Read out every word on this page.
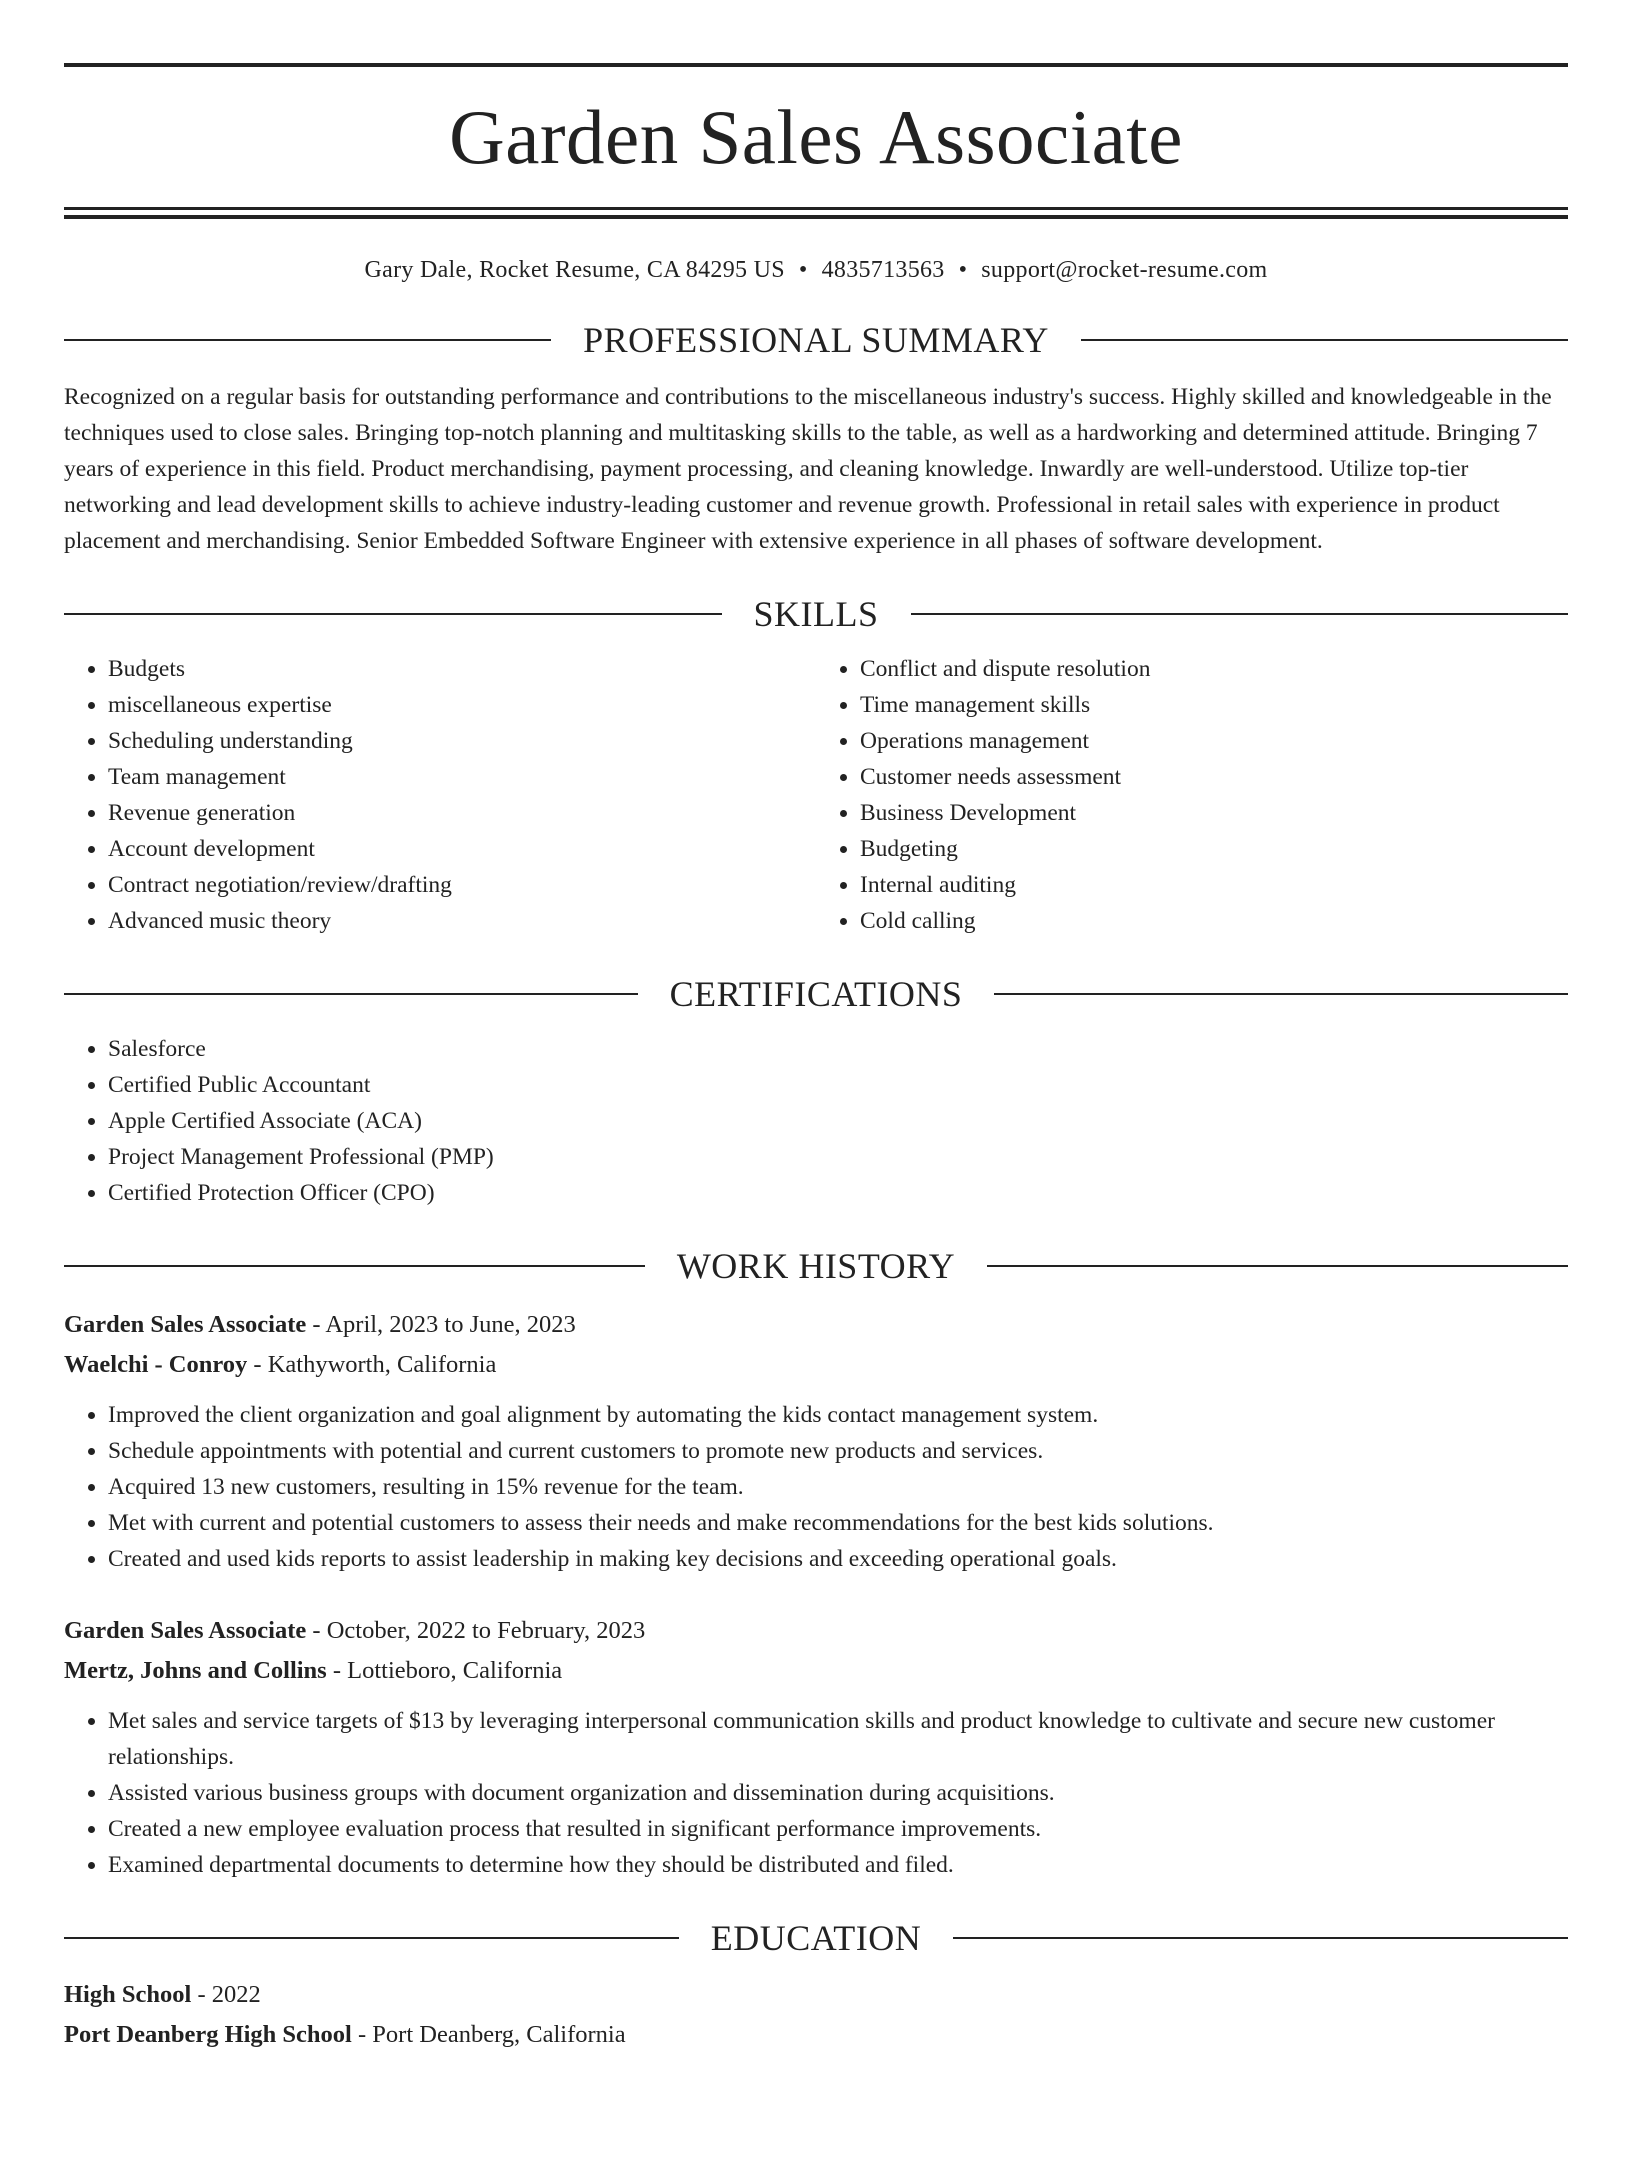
Garden Sales Associate
Gary Dale, Rocket Resume, CA 84295 US • 4835713563 • support@rocket-resume.com
PROFESSIONAL SUMMARY

Recognized on a regular basis for outstanding performance and contributions to the miscellaneous industry's success. Highly skilled and knowledgeable in the techniques used to close sales. Bringing top-notch planning and multitasking skills to the table, as well as a hardworking and determined attitude. Bringing 7 years of experience in this field. Product merchandising, payment processing, and cleaning knowledge. Inwardly are well-understood. Utilize top-tier networking and lead development skills to achieve industry-leading customer and revenue growth. Professional in retail sales with experience in product placement and merchandising. Senior Embedded Software Engineer with extensive experience in all phases of software development.

SKILLS
• Budgets
• miscellaneous expertise
• Scheduling understanding
• Team management
• Revenue generation
• Account development
• Contract negotiation/review/drafting
• Advanced music theory
• Conflict and dispute resolution
• Time management skills
• Operations management
• Customer needs assessment
• Business Development
• Budgeting
• Internal auditing
• Cold calling
CERTIFICATIONS
• Salesforce
• Certified Public Accountant
• Apple Certified Associate (ACA)
• Project Management Professional (PMP)
• Certified Protection Officer (CPO)
WORK HISTORY
Garden Sales Associate - April, 2023 to June, 2023
Waelchi - Conroy - Kathyworth, California
• Improved the client organization and goal alignment by automating the kids contact management system.
• Schedule appointments with potential and current customers to promote new products and services.
• Acquired 13 new customers, resulting in 15% revenue for the team.
• Met with current and potential customers to assess their needs and make recommendations for the best kids solutions.
• Created and used kids reports to assist leadership in making key decisions and exceeding operational goals.
Garden Sales Associate - October, 2022 to February, 2023
Mertz, Johns and Collins - Lottieboro, California
• Met sales and service targets of $13 by leveraging interpersonal communication skills and product knowledge to cultivate and secure new customer relationships.
• Assisted various business groups with document organization and dissemination during acquisitions.
• Created a new employee evaluation process that resulted in significant performance improvements.
• Examined departmental documents to determine how they should be distributed and filed.
EDUCATION
High School - 2022
Port Deanberg High School - Port Deanberg, California
